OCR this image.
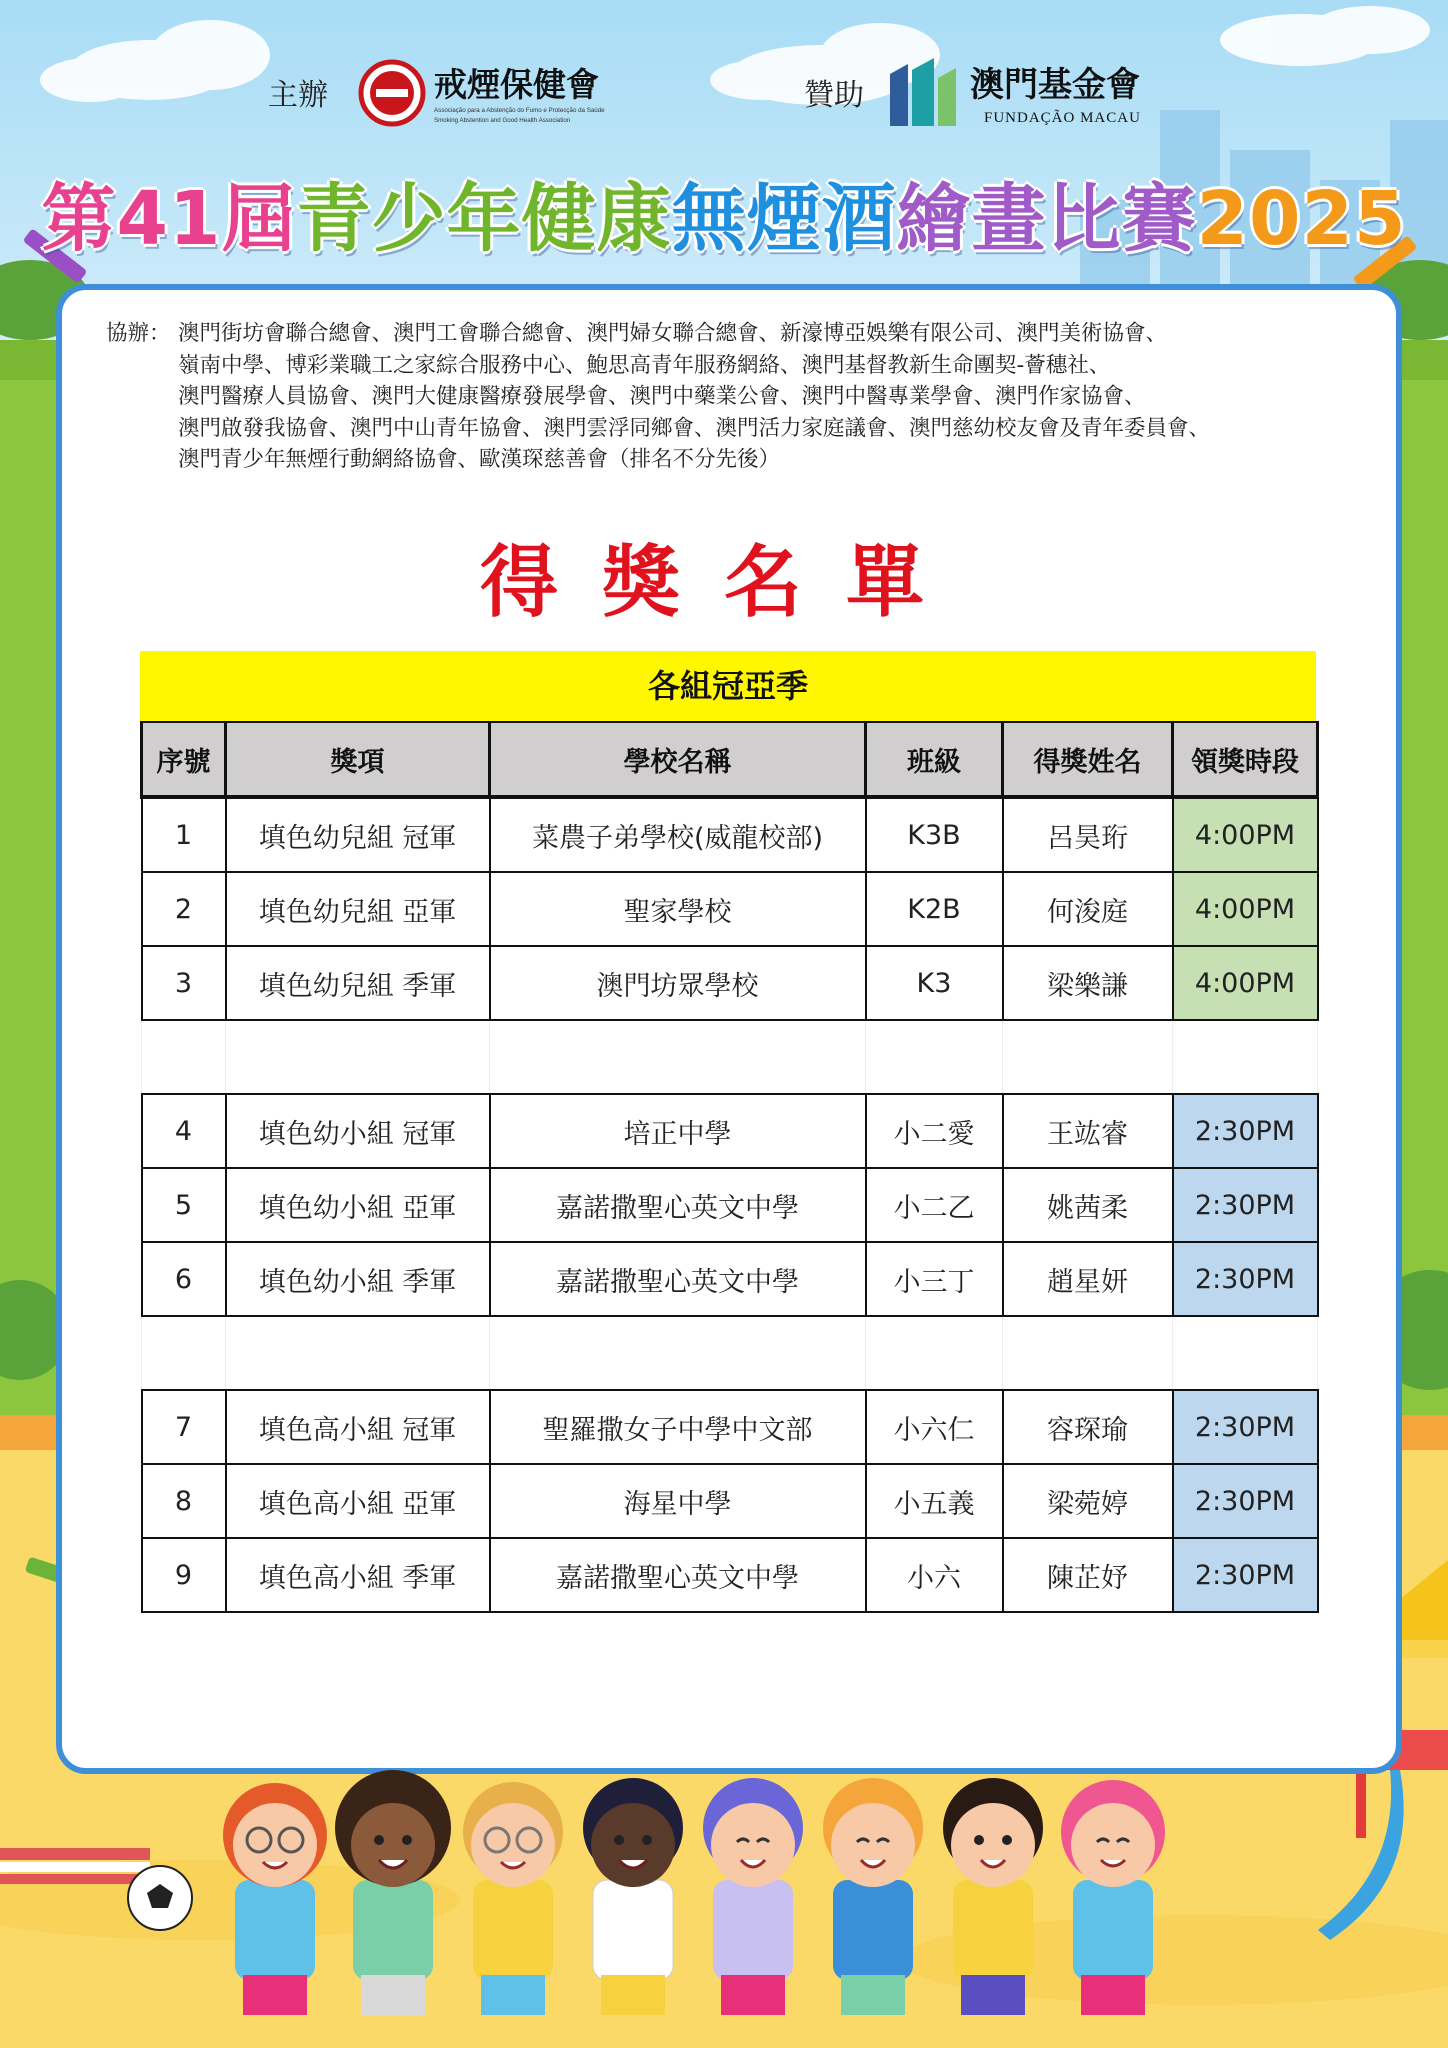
主辦	戒煙保健會
Associação para a Abstenção do Fumo e Protecção da Saúde
Smoking Abstention and Good Health Association
贊助	澳門基金會
FUNDAÇÃO MACAU
第41屆青少年健康無煙酒繪畫比賽2025
協辦： 澳門街坊會聯合總會、澳門工會聯合總會、澳門婦女聯合總會、新濠博亞娛樂有限公司、澳門美術協會、
嶺南中學、博彩業職工之家綜合服務中心、鮑思高青年服務網絡、澳門基督教新生命團契-薈穗社、
澳門醫療人員協會、澳門大健康醫療發展學會、澳門中藥業公會、澳門中醫專業學會、澳門作家協會、
澳門啟發我協會、澳門中山青年協會、澳門雲浮同鄉會、澳門活力家庭議會、澳門慈幼校友會及青年委員會、
澳門青少年無煙行動網絡協會、歐漢琛慈善會（排名不分先後）
得獎名單
各組冠亞季
序號	獎項	學校名稱	班級	得獎姓名	領獎時段
1	填色幼兒組 冠軍	菜農子弟學校(威龍校部)	K3B	呂昊珩	4:00PM
2	填色幼兒組 亞軍	聖家學校	K2B	何浚庭	4:00PM
3	填色幼兒組 季軍	澳門坊眾學校	K3	梁樂謙	4:00PM

4	填色幼小組 冠軍	培正中學	小二愛	王竑睿	2:30PM
5	填色幼小組 亞軍	嘉諾撒聖心英文中學	小二乙	姚茜柔	2:30PM
6	填色幼小組 季軍	嘉諾撒聖心英文中學	小三丁	趙星妍	2:30PM

7	填色高小組 冠軍	聖羅撒女子中學中文部	小六仁	容琛瑜	2:30PM
8	填色高小組 亞軍	海星中學	小五義	梁菀婷	2:30PM
9	填色高小組 季軍	嘉諾撒聖心英文中學	小六	陳芷妤	2:30PM
